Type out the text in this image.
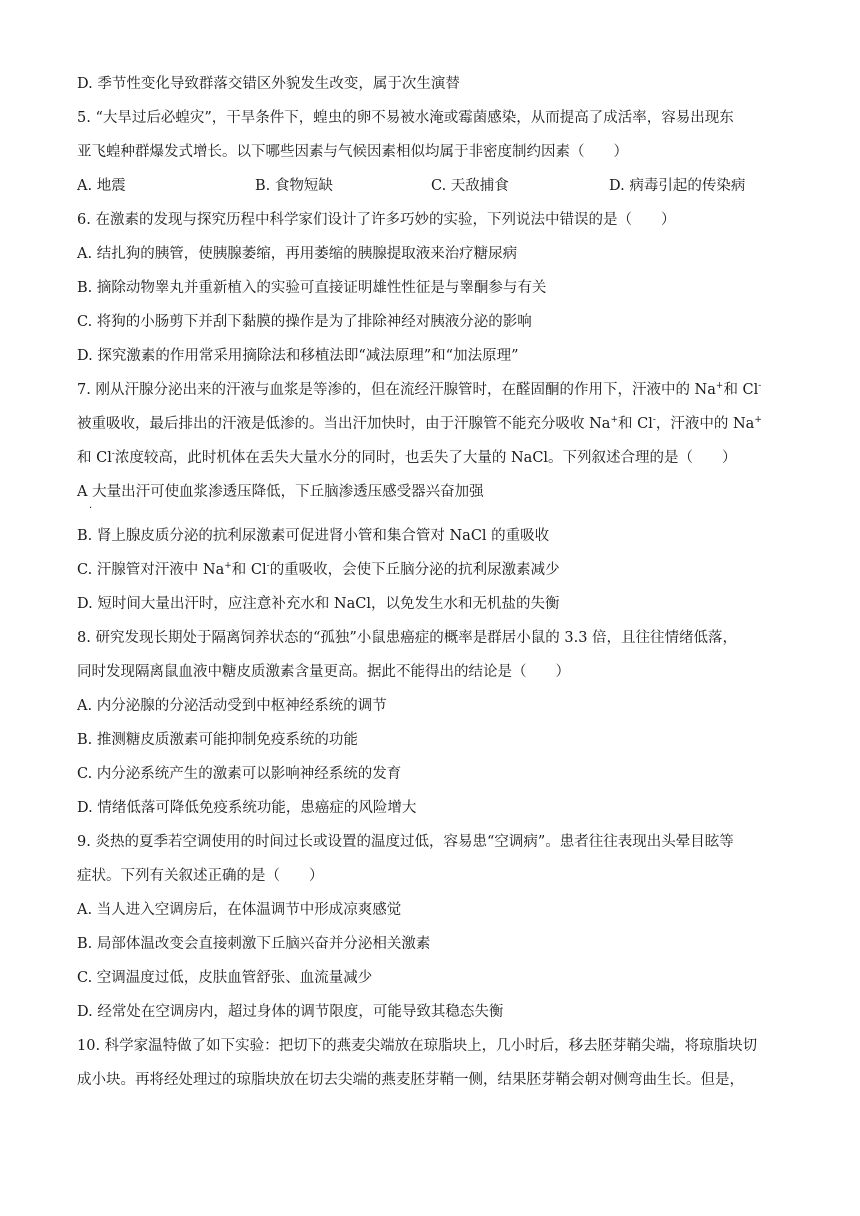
D. 季节性变化导致群落交错区外貌发生改变，属于次生演替
5. “大旱过后必蝗灾”，干旱条件下，蝗虫的卵不易被水淹或霉菌感染，从而提高了成活率，容易出现东
亚飞蝗种群爆发式增长。以下哪些因素与气候因素相似均属于非密度制约因素（　　）
A. 地震	B. 食物短缺	C. 天敌捕食	D. 病毒引起的传染病
6. 在激素的发现与探究历程中科学家们设计了许多巧妙的实验，下列说法中错误的是（　　）
A. 结扎狗的胰管，使胰腺萎缩，再用萎缩的胰腺提取液来治疗糖尿病
B. 摘除动物睾丸并重新植入的实验可直接证明雄性性征是与睾酮参与有关
C. 将狗的小肠剪下并刮下黏膜的操作是为了排除神经对胰液分泌的影响
D. 探究激素的作用常采用摘除法和移植法即“减法原理”和“加法原理”
7. 刚从汗腺分泌出来的汗液与血浆是等渗的，但在流经汗腺管时，在醛固酮的作用下，汗液中的 Na+和 Cl-
被重吸收，最后排出的汗液是低渗的。当出汗加快时，由于汗腺管不能充分吸收 Na+和 Cl-，汗液中的 Na+
和 Cl-浓度较高，此时机体在丢失大量水分的同时，也丢失了大量的 NaCl。下列叙述合理的是（　　）
A 大量出汗可使血浆渗透压降低，下丘脑渗透压感受器兴奋加强
·
B. 肾上腺皮质分泌的抗利尿激素可促进肾小管和集合管对 NaCl 的重吸收
C. 汗腺管对汗液中 Na+和 Cl-的重吸收，会使下丘脑分泌的抗利尿激素减少
D. 短时间大量出汗时，应注意补充水和 NaCl，以免发生水和无机盐的失衡
8. 研究发现长期处于隔离饲养状态的“孤独”小鼠患癌症的概率是群居小鼠的 3.3 倍，且往往情绪低落，
同时发现隔离鼠血液中糖皮质激素含量更高。据此不能得出的结论是（　　）
A. 内分泌腺的分泌活动受到中枢神经系统的调节
B. 推测糖皮质激素可能抑制免疫系统的功能
C. 内分泌系统产生的激素可以影响神经系统的发育
D. 情绪低落可降低免疫系统功能，患癌症的风险增大
9. 炎热的夏季若空调使用的时间过长或设置的温度过低，容易患“空调病”。患者往往表现出头晕目眩等
症状。下列有关叙述正确的是（　　）
A. 当人进入空调房后，在体温调节中形成凉爽感觉
B. 局部体温改变会直接刺激下丘脑兴奋并分泌相关激素
C. 空调温度过低，皮肤血管舒张、血流量减少
D. 经常处在空调房内，超过身体的调节限度，可能导致其稳态失衡
10. 科学家温特做了如下实验：把切下的燕麦尖端放在琼脂块上，几小时后，移去胚芽鞘尖端，将琼脂块切
成小块。再将经处理过的琼脂块放在切去尖端的燕麦胚芽鞘一侧，结果胚芽鞘会朝对侧弯曲生长。但是，
